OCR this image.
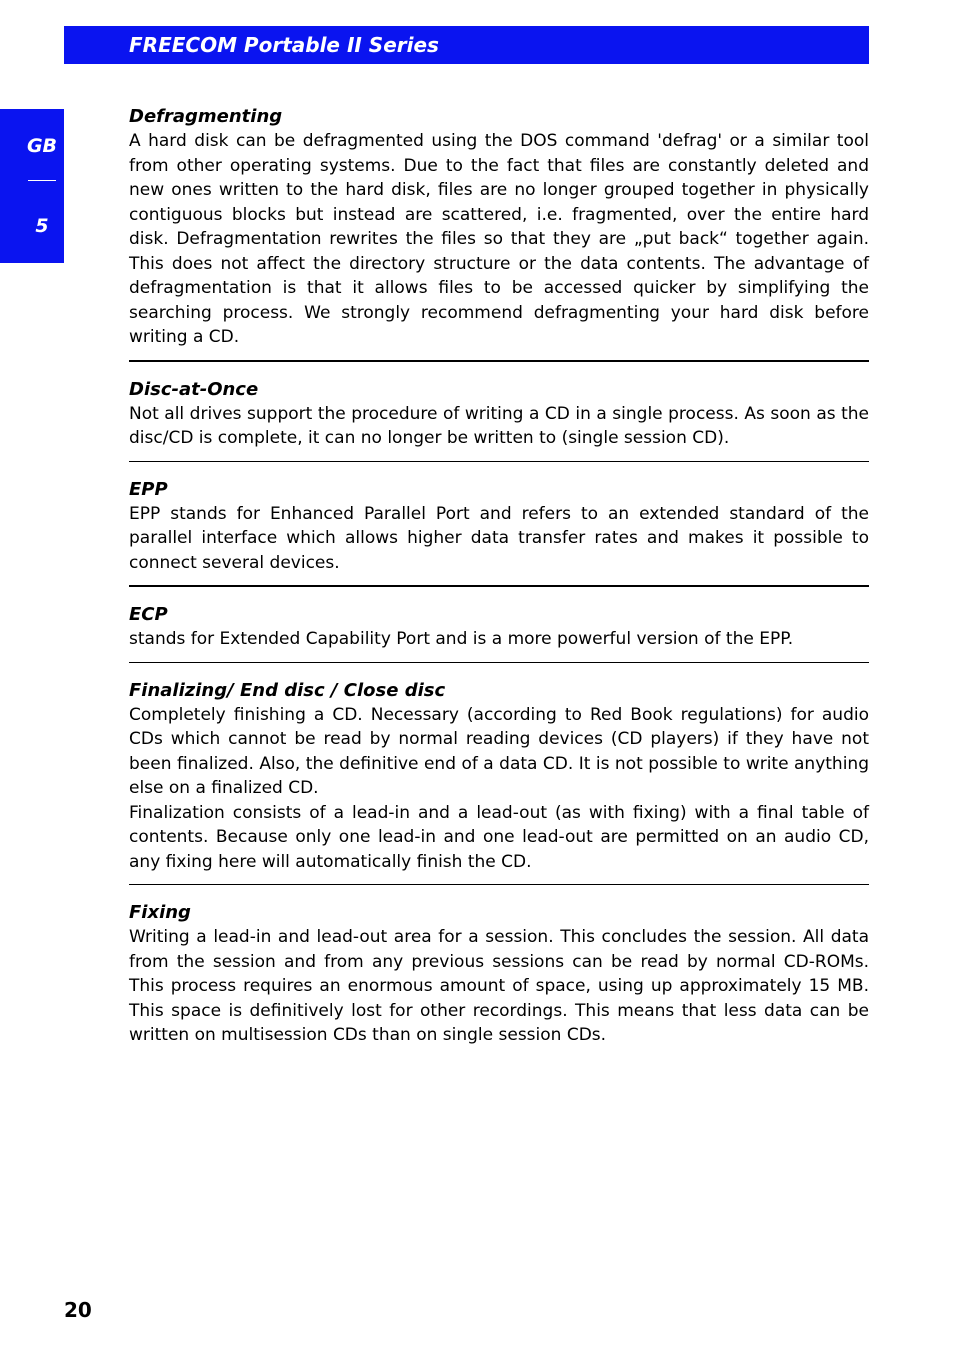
FREECOM Portable II Series
GB
5
Defragmenting

A hard disk can be defragmented using the DOS command 'defrag' or a similar tool from other operating systems. Due to the fact that files are constantly deleted and new ones written to the hard disk, files are no longer grouped together in physically contiguous blocks but instead are scattered, i.e. fragmented, over the entire hard disk. Defragmentation rewrites the files so that they are „put back“ together again. This does not affect the directory structure or the data contents. The advantage of defragmentation is that it allows files to be accessed quicker by simplifying the searching process. We strongly recommend defragmenting your hard disk before writing a CD.

Disc-at-Once

Not all drives support the procedure of writing a CD in a single process. As soon as the disc/CD is complete, it can no longer be written to (single session CD).

EPP

EPP stands for Enhanced Parallel Port and refers to an extended standard of the parallel interface which allows higher data transfer rates and makes it possible to connect several devices.

ECP

stands for Extended Capability Port and is a more powerful version of the EPP.

Finalizing/ End disc / Close disc

Completely finishing a CD. Necessary (according to Red Book regulations) for audio CDs which cannot be read by normal reading devices (CD players) if they have not been finalized. Also, the definitive end of a data CD. It is not possible to write anything else on a finalized CD.

Finalization consists of a lead-in and a lead-out (as with fixing) with a final table of contents. Because only one lead-in and one lead-out are permitted on an audio CD, any fixing here will automatically finish the CD.

Fixing

Writing a lead-in and lead-out area for a session. This concludes the session. All data from the session and from any previous sessions can be read by normal CD-ROMs. This process requires an enormous amount of space, using up approximately 15 MB. This space is definitively lost for other recordings. This means that less data can be written on multisession CDs than on single session CDs.

20
